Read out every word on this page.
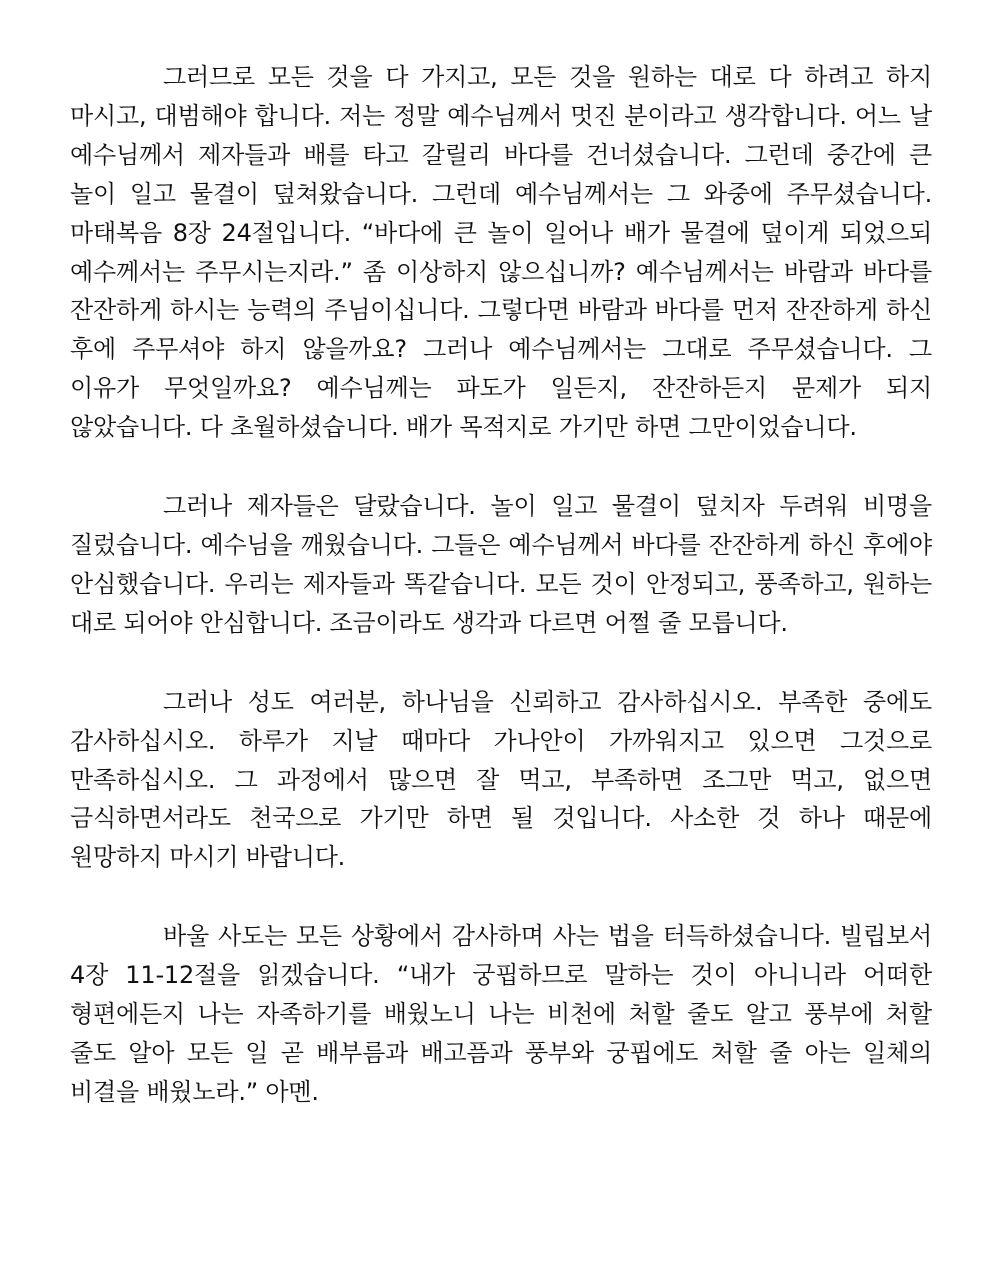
그러므로 모든 것을 다 가지고, 모든 것을 원하는 대로 다 하려고 하지 마시고, 대범해야 합니다. 저는 정말 예수님께서 멋진 분이라고 생각합니다. 어느 날 예수님께서 제자들과 배를 타고 갈릴리 바다를 건너셨습니다. 그런데 중간에 큰 놀이 일고 물결이 덮쳐왔습니다. 그런데 예수님께서는 그 와중에 주무셨습니다. 마태복음 8장 24절입니다. “바다에 큰 놀이 일어나 배가 물결에 덮이게 되었으되 예수께서는 주무시는지라.” 좀 이상하지 않으십니까? 예수님께서는 바람과 바다를 잔잔하게 하시는 능력의 주님이십니다. 그렇다면 바람과 바다를 먼저 잔잔하게 하신 후에 주무셔야 하지 않을까요? 그러나 예수님께서는 그대로 주무셨습니다. 그 이유가 무엇일까요? 예수님께는 파도가 일든지, 잔잔하든지 문제가 되지 않았습니다. 다 초월하셨습니다. 배가 목적지로 가기만 하면 그만이었습니다.

그러나 제자들은 달랐습니다. 놀이 일고 물결이 덮치자 두려워 비명을 질렀습니다. 예수님을 깨웠습니다. 그들은 예수님께서 바다를 잔잔하게 하신 후에야 안심했습니다. 우리는 제자들과 똑같습니다. 모든 것이 안정되고, 풍족하고, 원하는 대로 되어야 안심합니다. 조금이라도 생각과 다르면 어쩔 줄 모릅니다.

그러나 성도 여러분, 하나님을 신뢰하고 감사하십시오. 부족한 중에도 감사하십시오. 하루가 지날 때마다 가나안이 가까워지고 있으면 그것으로 만족하십시오. 그 과정에서 많으면 잘 먹고, 부족하면 조그만 먹고, 없으면 금식하면서라도 천국으로 가기만 하면 될 것입니다. 사소한 것 하나 때문에 원망하지 마시기 바랍니다.

바울 사도는 모든 상황에서 감사하며 사는 법을 터득하셨습니다. 빌립보서 4장 11-12절을 읽겠습니다. “내가 궁핍하므로 말하는 것이 아니니라 어떠한 형편에든지 나는 자족하기를 배웠노니 나는 비천에 처할 줄도 알고 풍부에 처할 줄도 알아 모든 일 곧 배부름과 배고픔과 풍부와 궁핍에도 처할 줄 아는 일체의 비결을 배웠노라.” 아멘.
